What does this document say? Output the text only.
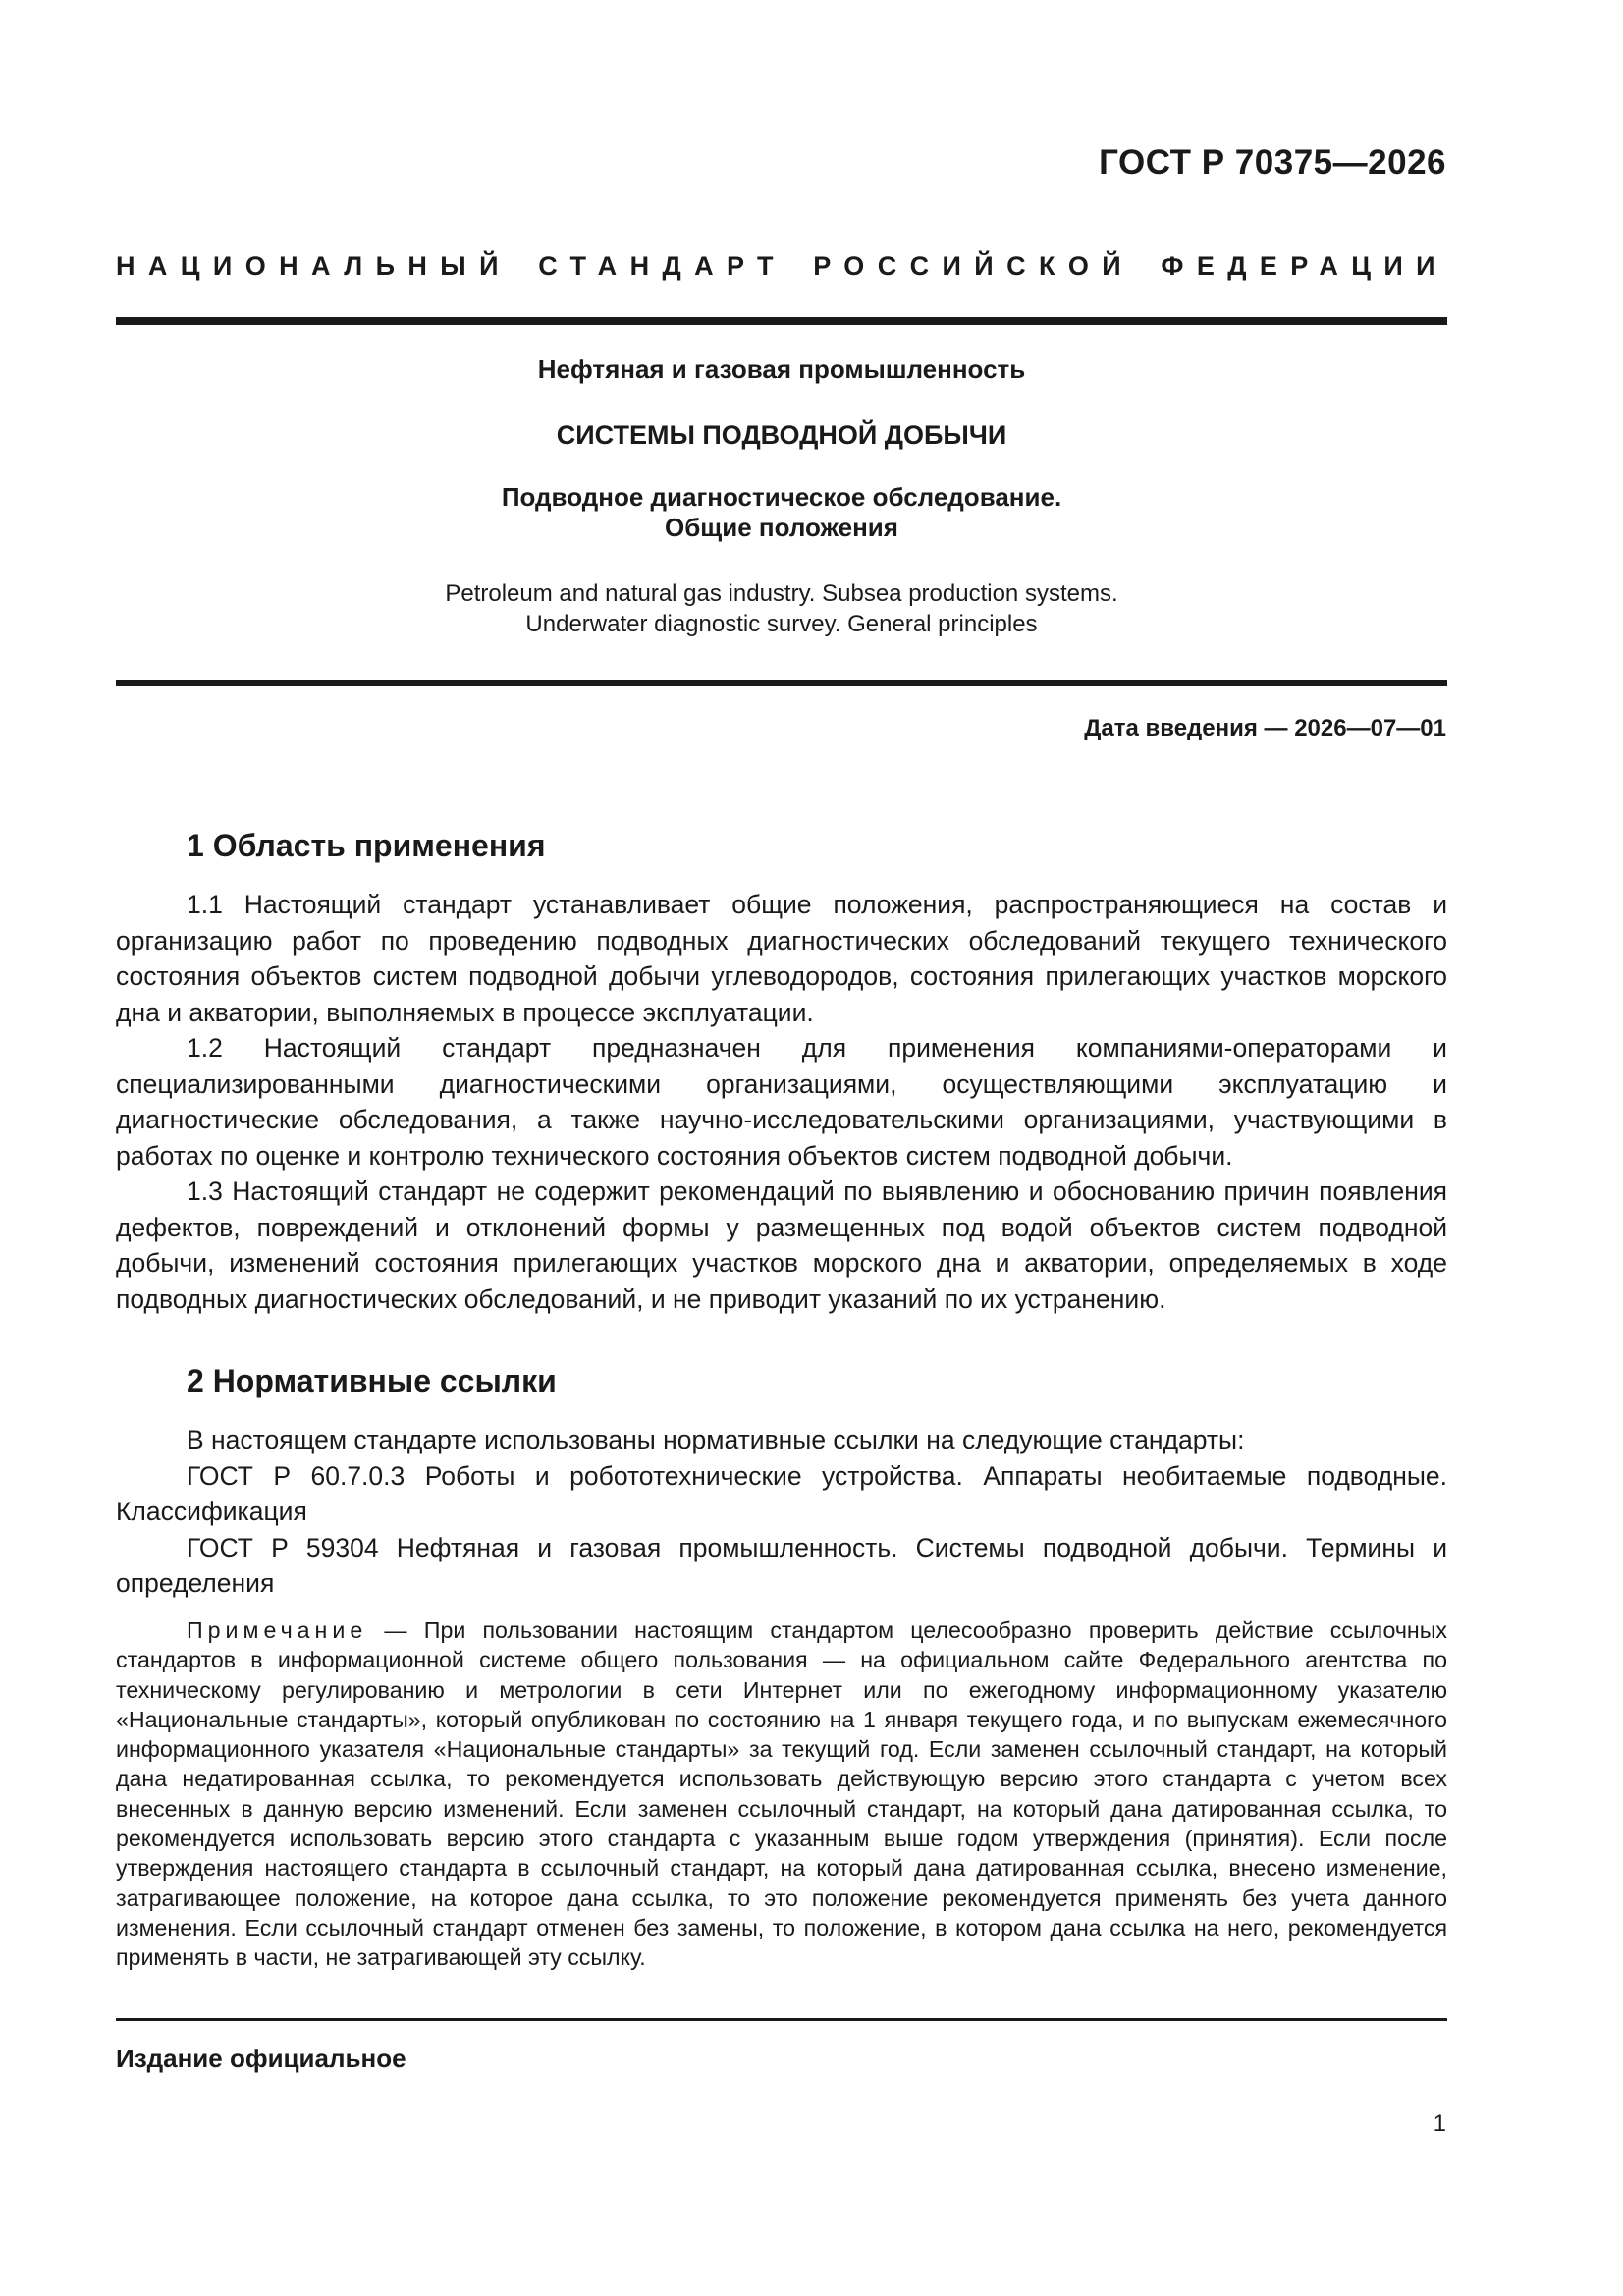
ГОСТ Р 70375—2026
НАЦИОНАЛЬНЫЙ СТАНДАРТ РОССИЙСКОЙ ФЕДЕРАЦИИ
Нефтяная и газовая промышленность
СИСТЕМЫ ПОДВОДНОЙ ДОБЫЧИ
Подводное диагностическое обследование.
Общие положения
Petroleum and natural gas industry. Subsea production systems.
Underwater diagnostic survey. General principles
Дата введения — 2026—07—01
1 Область применения

1.1 Настоящий стандарт устанавливает общие положения, распространяющиеся на состав и организацию работ по проведению подводных диагностических обследований текущего технического состояния объектов систем подводной добычи углеводородов, состояния прилегающих участков морского дна и акватории, выполняемых в процессе эксплуатации.

1.2 Настоящий стандарт предназначен для применения компаниями-операторами и специализированными диагностическими организациями, осуществляющими эксплуатацию и диагностические обследования, а также научно-исследовательскими организациями, участвующими в работах по оценке и контролю технического состояния объектов систем подводной добычи.

1.3 Настоящий стандарт не содержит рекомендаций по выявлению и обоснованию причин появления дефектов, повреждений и отклонений формы у размещенных под водой объектов систем подводной добычи, изменений состояния прилегающих участков морского дна и акватории, определяемых в ходе подводных диагностических обследований, и не приводит указаний по их устранению.

2 Нормативные ссылки

В настоящем стандарте использованы нормативные ссылки на следующие стандарты:

ГОСТ Р 60.7.0.3 Роботы и робототехнические устройства. Аппараты необитаемые подводные. Классификация

ГОСТ Р 59304 Нефтяная и газовая промышленность. Системы подводной добычи. Термины и определения

Примечание — При пользовании настоящим стандартом целесообразно проверить действие ссылочных стандартов в информационной системе общего пользования — на официальном сайте Федерального агентства по техническому регулированию и метрологии в сети Интернет или по ежегодному информационному указателю «Национальные стандарты», который опубликован по состоянию на 1 января текущего года, и по выпускам ежемесячного информационного указателя «Национальные стандарты» за текущий год. Если заменен ссылочный стандарт, на который дана недатированная ссылка, то рекомендуется использовать действующую версию этого стандарта с учетом всех внесенных в данную версию изменений. Если заменен ссылочный стандарт, на который дана датированная ссылка, то рекомендуется использовать версию этого стандарта с указанным выше годом утверждения (принятия). Если после утверждения настоящего стандарта в ссылочный стандарт, на который дана датированная ссылка, внесено изменение, затрагивающее положение, на которое дана ссылка, то это положение рекомендуется применять без учета данного изменения. Если ссылочный стандарт отменен без замены, то положение, в котором дана ссылка на него, рекомендуется применять в части, не затрагивающей эту ссылку.
Издание официальное
1
